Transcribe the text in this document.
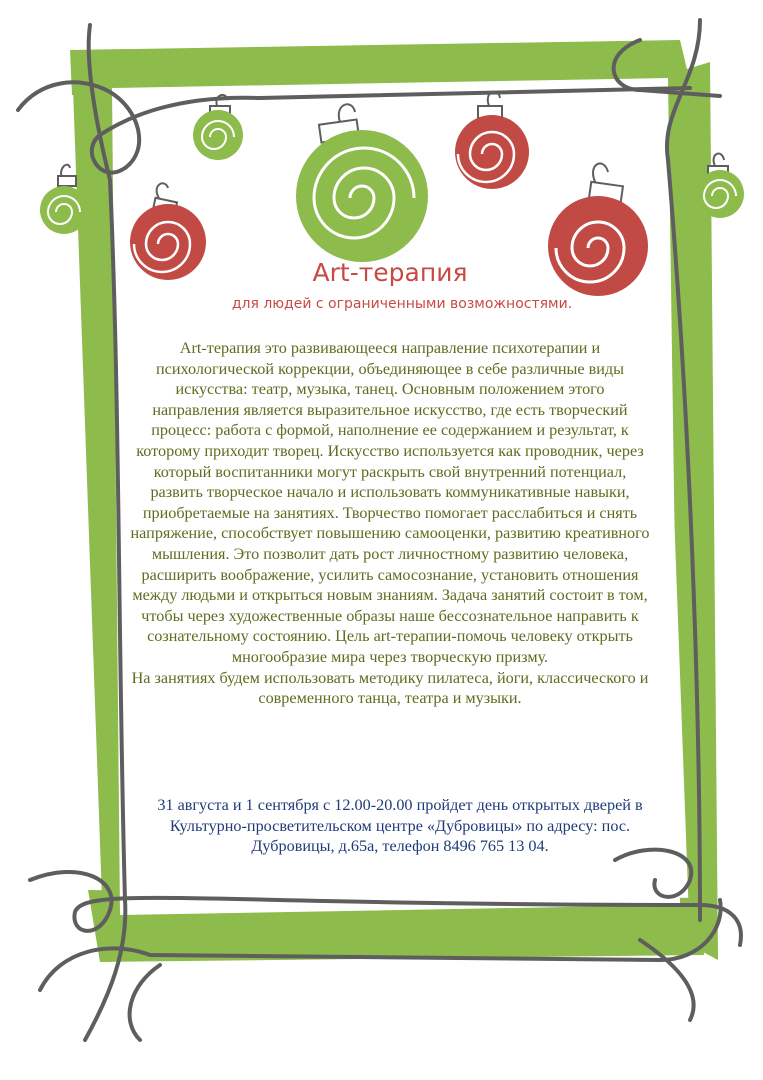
Art-терапия
для людей с ограниченными возможностями.

Art-терапия это развивающееся направление психотерапии и психологической коррекции, объединяющее в себе различные виды искусства: театр, музыка, танец. Основным положением этого направления является выразительное искусство, где есть творческий процесс: работа с формой, наполнение ее содержанием и результат, к которому приходит творец. Искусство используется как проводник, через который воспитанники могут раскрыть свой внутренний потенциал, развить творческое начало и использовать коммуникативные навыки, приобретаемые на занятиях. Творчество помогает расслабиться и снять напряжение, способствует повышению самооценки, развитию креативного мышления. Это позволит дать рост личностному развитию человека, расширить воображение, усилить самосознание, установить отношения между людьми и открыться новым знаниям. Задача занятий состоит в том, чтобы через художественные образы наше бессознательное направить к сознательному состоянию. Цель art-терапии-помочь человеку открыть многообразие мира через творческую призму.

На занятиях будем использовать методику пилатеса, йоги, классического и современного танца, театра и музыки.

31 августа и 1 сентября с 12.00-20.00 пройдет день открытых дверей в Культурно-просветительском центре «Дубровицы» по адресу: пос. Дубровицы, д.65а, телефон 8496 765 13 04.
